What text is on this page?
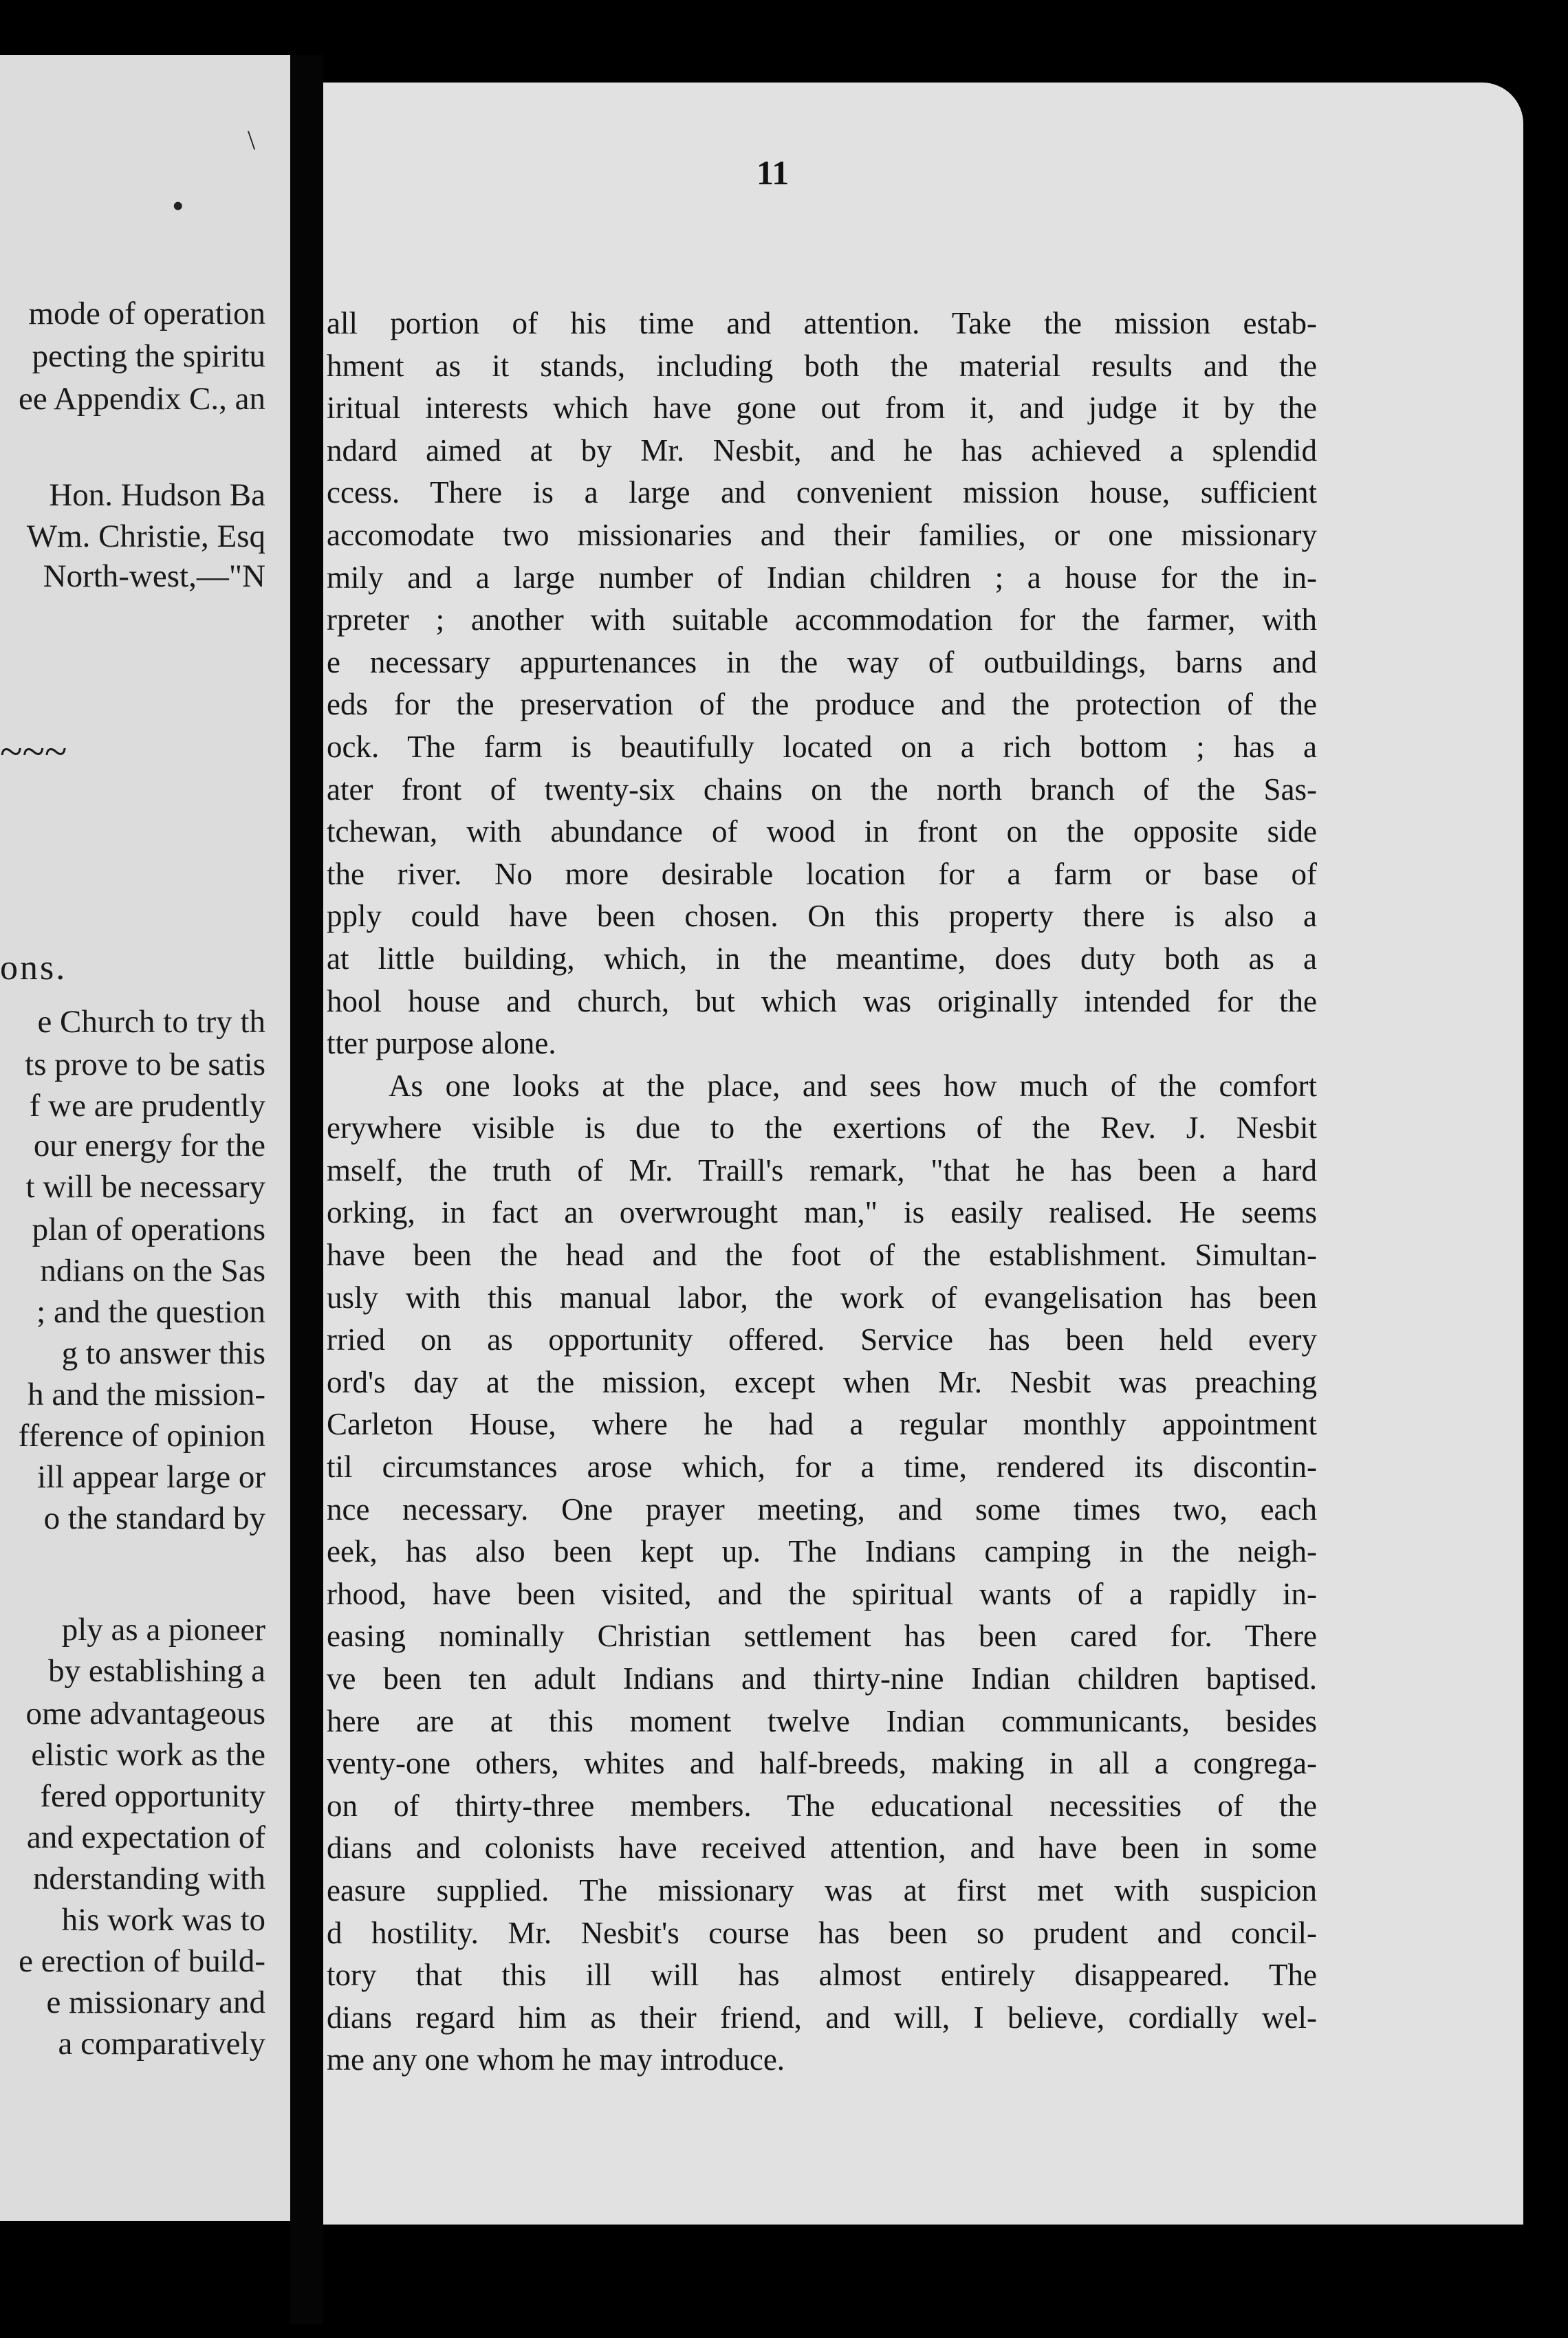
\
•
mode of operation
pecting the spiritu
ee Appendix C., an
Hon. Hudson Ba
Wm. Christie, Esq
North-west,—"N
~~~
ons.
e Church to try th
ts prove to be satis
f we are prudently
our energy for the
t will be necessary
plan of operations
ndians on the Sas
; and the question
g to answer this
h and the mission-
fference of opinion
ill appear large or
o the standard by
ply as a pioneer
by establishing a
ome advantageous
elistic work as the
fered opportunity
and expectation of
nderstanding with
his work was to
e erection of build-
e missionary and
a comparatively
11
all portion of his time and attention. Take the mission estab-
hment as it stands, including both the material results and the
iritual interests which have gone out from it, and judge it by the
ndard aimed at by Mr. Nesbit, and he has achieved a splendid
ccess. There is a large and convenient mission house, sufficient
accomodate two missionaries and their families, or one missionary
mily and a large number of Indian children ; a house for the in-
rpreter ; another with suitable accommodation for the farmer, with
e necessary appurtenances in the way of outbuildings, barns and
eds for the preservation of the produce and the protection of the
ock. The farm is beautifully located on a rich bottom ; has a
ater front of twenty-six chains on the north branch of the Sas-
tchewan, with abundance of wood in front on the opposite side
the river. No more desirable location for a farm or base of
pply could have been chosen. On this property there is also a
at little building, which, in the meantime, does duty both as a
hool house and church, but which was originally intended for the
tter purpose alone.
As one looks at the place, and sees how much of the comfort
erywhere visible is due to the exertions of the Rev. J. Nesbit
mself, the truth of Mr. Traill's remark, "that he has been a hard
orking, in fact an overwrought man," is easily realised. He seems
have been the head and the foot of the establishment. Simultan-
usly with this manual labor, the work of evangelisation has been
rried on as opportunity offered. Service has been held every
ord's day at the mission, except when Mr. Nesbit was preaching
Carleton House, where he had a regular monthly appointment
til circumstances arose which, for a time, rendered its discontin-
nce necessary. One prayer meeting, and some times two, each
eek, has also been kept up. The Indians camping in the neigh-
rhood, have been visited, and the spiritual wants of a rapidly in-
easing nominally Christian settlement has been cared for. There
ve been ten adult Indians and thirty-nine Indian children baptised.
here are at this moment twelve Indian communicants, besides
venty-one others, whites and half-breeds, making in all a congrega-
on of thirty-three members. The educational necessities of the
dians and colonists have received attention, and have been in some
easure supplied. The missionary was at first met with suspicion
d hostility. Mr. Nesbit's course has been so prudent and concil-
tory that this ill will has almost entirely disappeared. The
dians regard him as their friend, and will, I believe, cordially wel-
me any one whom he may introduce.
